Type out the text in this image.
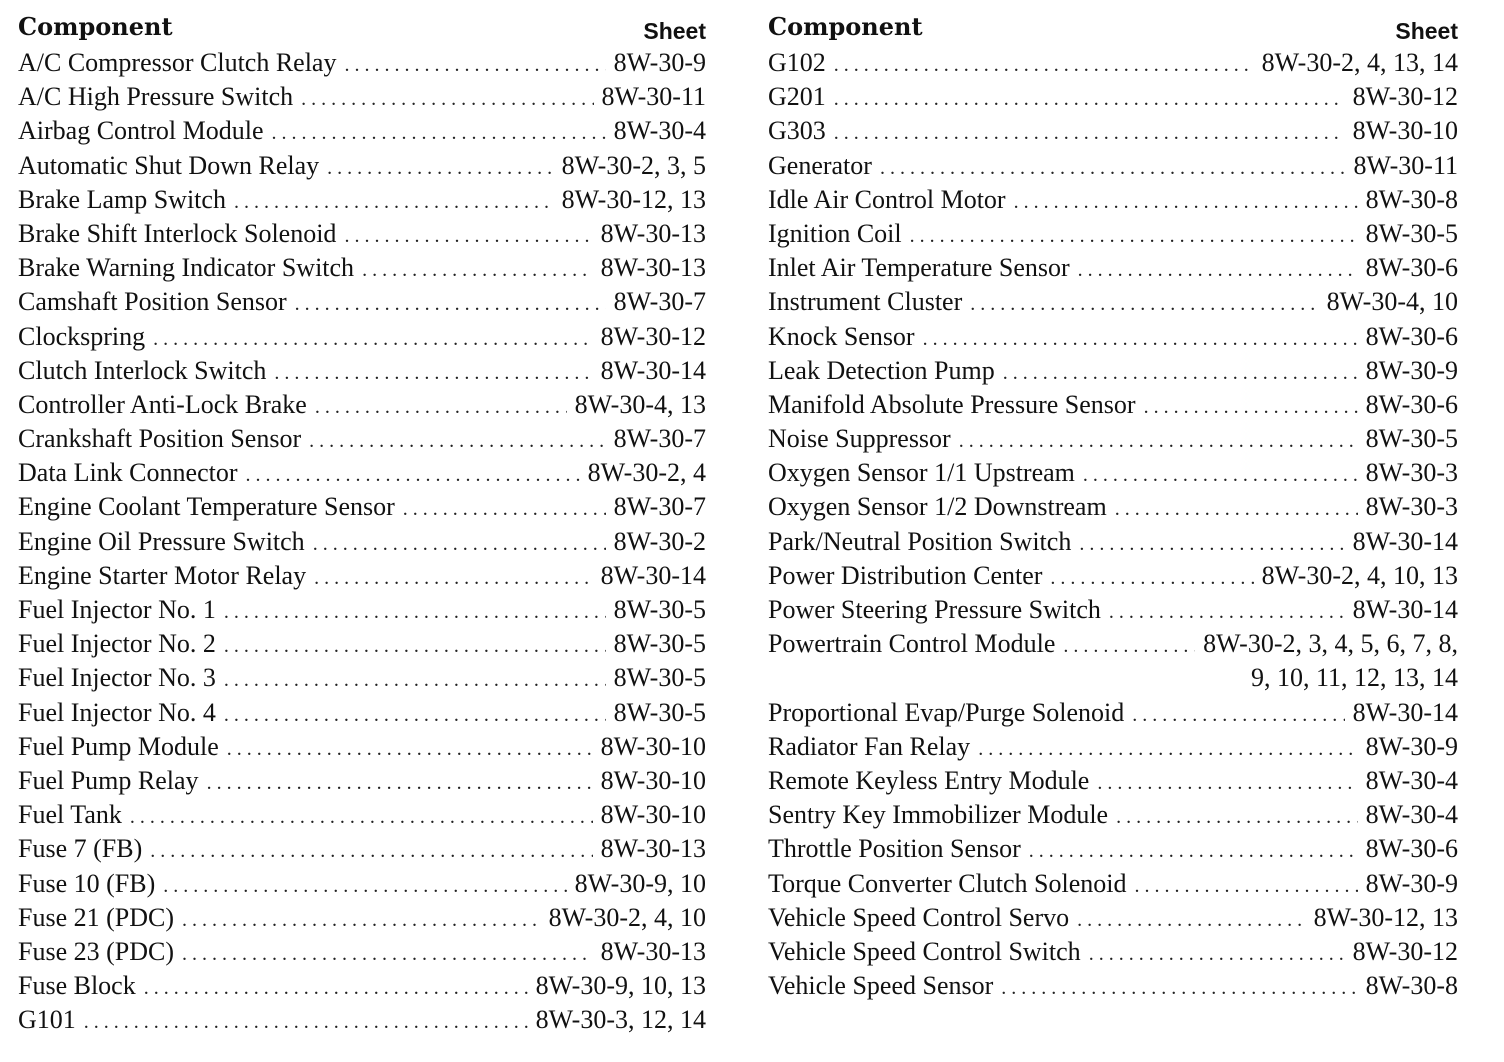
Component	Sheet
A/C Compressor Clutch Relay . . .	8W-30-9
A/C High Pressure Switch . . .	8W-30-11
Airbag Control Module . . .	8W-30-4
Automatic Shut Down Relay . . .	8W-30-2, 3, 5
Brake Lamp Switch . . .	8W-30-12, 13
Brake Shift Interlock Solenoid . . .	8W-30-13
Brake Warning Indicator Switch . . .	8W-30-13
Camshaft Position Sensor . . .	8W-30-7
Clockspring . . .	8W-30-12
Clutch Interlock Switch . . .	8W-30-14
Controller Anti-Lock Brake . . .	8W-30-4, 13
Crankshaft Position Sensor . . .	8W-30-7
Data Link Connector . . .	8W-30-2, 4
Engine Coolant Temperature Sensor . . .	8W-30-7
Engine Oil Pressure Switch . . .	8W-30-2
Engine Starter Motor Relay . . .	8W-30-14
Fuel Injector No. 1 . . .	8W-30-5
Fuel Injector No. 2 . . .	8W-30-5
Fuel Injector No. 3 . . .	8W-30-5
Fuel Injector No. 4 . . .	8W-30-5
Fuel Pump Module . . .	8W-30-10
Fuel Pump Relay . . .	8W-30-10
Fuel Tank . . .	8W-30-10
Fuse 7 (FB) . . .	8W-30-13
Fuse 10 (FB) . . .	8W-30-9, 10
Fuse 21 (PDC) . . .	8W-30-2, 4, 10
Fuse 23 (PDC) . . .	8W-30-13
Fuse Block . . .	8W-30-9, 10, 13
G101 . . .	8W-30-3, 12, 14
Component	Sheet
G102 . . .	8W-30-2, 4, 13, 14
G201 . . .	8W-30-12
G303 . . .	8W-30-10
Generator . . .	8W-30-11
Idle Air Control Motor . . .	8W-30-8
Ignition Coil . . .	8W-30-5
Inlet Air Temperature Sensor . . .	8W-30-6
Instrument Cluster . . .	8W-30-4, 10
Knock Sensor . . .	8W-30-6
Leak Detection Pump . . .	8W-30-9
Manifold Absolute Pressure Sensor . . .	8W-30-6
Noise Suppressor . . .	8W-30-5
Oxygen Sensor 1/1 Upstream . . .	8W-30-3
Oxygen Sensor 1/2 Downstream . . .	8W-30-3
Park/Neutral Position Switch . . .	8W-30-14
Power Distribution Center . . .	8W-30-2, 4, 10, 13
Power Steering Pressure Switch . . .	8W-30-14
Powertrain Control Module . . .	8W-30-2, 3, 4, 5, 6, 7, 8,
9, 10, 11, 12, 13, 14
Proportional Evap/Purge Solenoid . . .	8W-30-14
Radiator Fan Relay . . .	8W-30-9
Remote Keyless Entry Module . . .	8W-30-4
Sentry Key Immobilizer Module . . .	8W-30-4
Throttle Position Sensor . . .	8W-30-6
Torque Converter Clutch Solenoid . . .	8W-30-9
Vehicle Speed Control Servo . . .	8W-30-12, 13
Vehicle Speed Control Switch . . .	8W-30-12
Vehicle Speed Sensor . . .	8W-30-8
